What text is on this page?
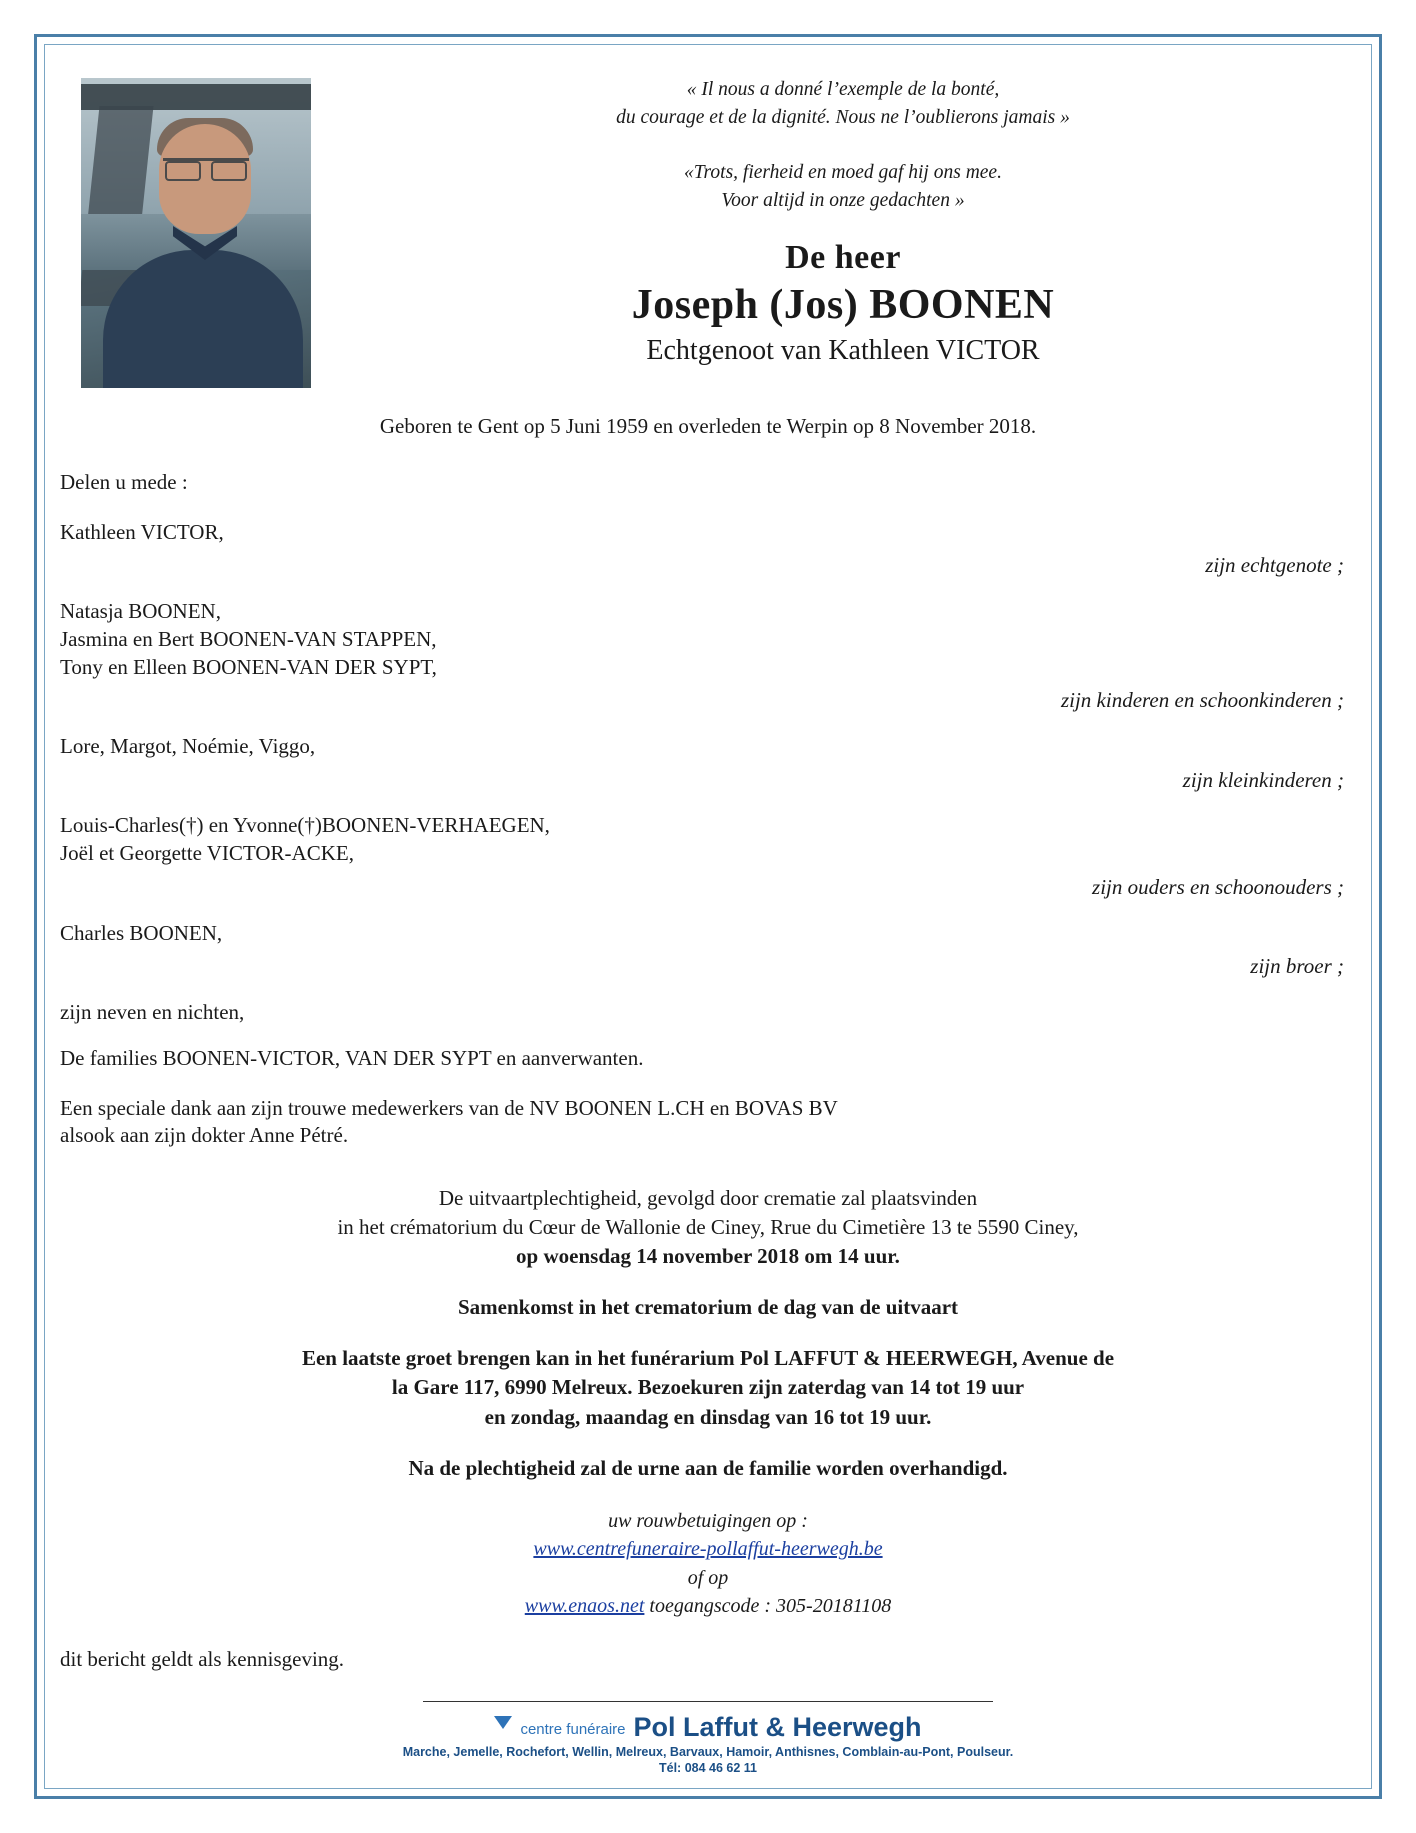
« Il nous a donné l’exemple de la bonté,
du courage et de la dignité. Nous ne l’oublierons jamais »
«Trots, fierheid en moed gaf hij ons mee.
Voor altijd in onze gedachten »
De heer
Joseph (Jos) BOONEN
Echtgenoot van Kathleen VICTOR
Geboren te Gent op 5 Juni 1959 en overleden te Werpin op 8 November 2018.
Delen u mede :
Kathleen VICTOR,
zijn echtgenote ;
Natasja BOONEN,
Jasmina en Bert BOONEN-VAN STAPPEN,
Tony en Elleen BOONEN-VAN DER SYPT,
zijn kinderen en schoonkinderen ;
Lore, Margot, Noémie, Viggo,
zijn kleinkinderen ;
Louis-Charles(†) en Yvonne(†)BOONEN-VERHAEGEN,
Joël et Georgette VICTOR-ACKE,
zijn ouders en schoonouders ;
Charles BOONEN,
zijn broer ;
zijn neven en nichten,
De families BOONEN-VICTOR, VAN DER SYPT en aanverwanten.
Een speciale dank aan zijn trouwe medewerkers van de NV BOONEN L.CH en BOVAS BV
alsook aan zijn dokter Anne Pétré.
De uitvaartplechtigheid, gevolgd door crematie zal plaatsvinden
in het crématorium du Cœur de Wallonie de Ciney, Rrue du Cimetière 13 te 5590 Ciney,
op woensdag 14 november 2018 om 14 uur.
Samenkomst in het crematorium de dag van de uitvaart
Een laatste groet brengen kan in het funérarium Pol LAFFUT & HEERWEGH, Avenue de
la Gare 117, 6990 Melreux. Bezoekuren zijn zaterdag van 14 tot 19 uur
en zondag, maandag en dinsdag van 16 tot 19 uur.
Na de plechtigheid zal de urne aan de familie worden overhandigd.
uw rouwbetuigingen op :
www.centrefuneraire-pollaffut-heerwegh.be
of op
www.enaos.net toegangscode : 305-20181108
dit bericht geldt als kennisgeving.
centre funéraire Pol Laffut & Heerwegh
Marche, Jemelle, Rochefort, Wellin, Melreux, Barvaux, Hamoir, Anthisnes, Comblain-au-Pont, Poulseur.
Tél: 084 46 62 11
